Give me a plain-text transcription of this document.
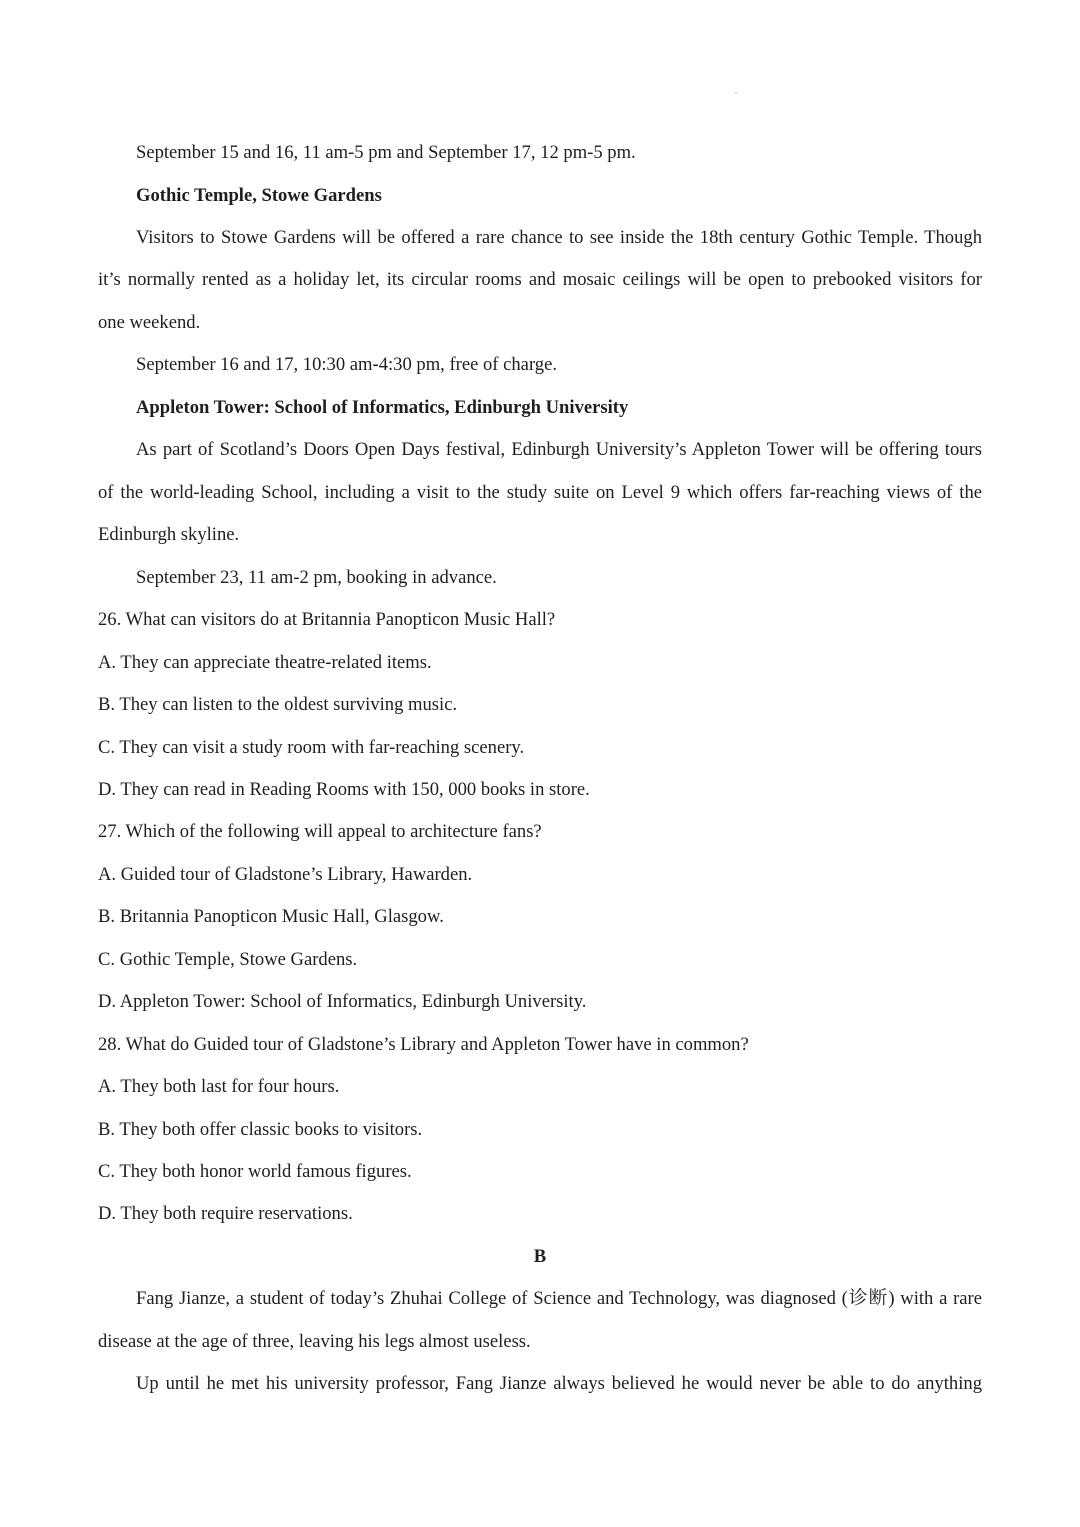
September 15 and 16, 11 am-5 pm and September 17, 12 pm-5 pm.
Gothic Temple, Stowe Gardens
Visitors to Stowe Gardens will be offered a rare chance to see inside the 18th century Gothic Temple. Though
it’s normally rented as a holiday let, its circular rooms and mosaic ceilings will be open to prebooked visitors for
one weekend.
September 16 and 17, 10:30 am-4:30 pm, free of charge.
Appleton Tower: School of Informatics, Edinburgh University
As part of Scotland’s Doors Open Days festival, Edinburgh University’s Appleton Tower will be offering tours
of the world-leading School, including a visit to the study suite on Level 9 which offers far-reaching views of the
Edinburgh skyline.
September 23, 11 am-2 pm, booking in advance.
26. What can visitors do at Britannia Panopticon Music Hall?
A. They can appreciate theatre-related items.
B. They can listen to the oldest surviving music.
C. They can visit a study room with far-reaching scenery.
D. They can read in Reading Rooms with 150, 000 books in store.
27. Which of the following will appeal to architecture fans?
A. Guided tour of Gladstone’s Library, Hawarden.
B. Britannia Panopticon Music Hall, Glasgow.
C. Gothic Temple, Stowe Gardens.
D. Appleton Tower: School of Informatics, Edinburgh University.
28. What do Guided tour of Gladstone’s Library and Appleton Tower have in common?
A. They both last for four hours.
B. They both offer classic books to visitors.
C. They both honor world famous figures.
D. They both require reservations.
B
Fang Jianze, a student of today’s Zhuhai College of Science and Technology, was diagnosed (诊断) with a rare
disease at the age of three, leaving his legs almost useless.
Up until he met his university professor, Fang Jianze always believed he would never be able to do anything
